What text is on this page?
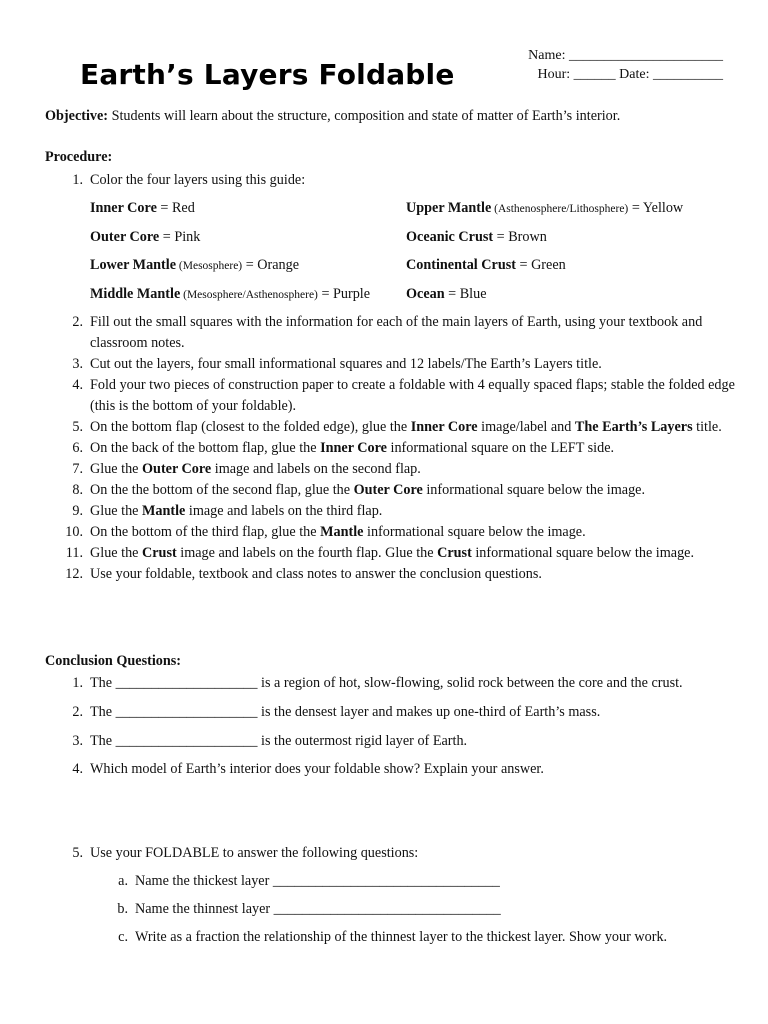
Earth’s Layers Foldable
Name: ______________________
Hour: ______ Date: __________
Objective: Students will learn about the structure, composition and state of matter of Earth’s interior.
Procedure:
1. Color the four layers using this guide:
Inner Core = Red	Upper Mantle (Asthenosphere/Lithosphere) = Yellow
Outer Core = Pink	Oceanic Crust = Brown
Lower Mantle (Mesosphere) = Orange	Continental Crust = Green
Middle Mantle (Mesosphere/Asthenosphere) = Purple	Ocean = Blue
2. Fill out the small squares with the information for each of the main layers of Earth, using your textbook and classroom notes.
3. Cut out the layers, four small informational squares and 12 labels/The Earth’s Layers title.
4. Fold your two pieces of construction paper to create a foldable with 4 equally spaced flaps; stable the folded edge (this is the bottom of your foldable).
5. On the bottom flap (closest to the folded edge), glue the Inner Core image/label and The Earth’s Layers title.
6. On the back of the bottom flap, glue the Inner Core informational square on the LEFT side.
7. Glue the Outer Core image and labels on the second flap.
8. On the the bottom of the second flap, glue the Outer Core informational square below the image.
9. Glue the Mantle image and labels on the third flap.
10. On the bottom of the third flap, glue the Mantle informational square below the image.
11. Glue the Crust image and labels on the fourth flap. Glue the Crust informational square below the image.
12. Use your foldable, textbook and class notes to answer the conclusion questions.
Conclusion Questions:
1. The ____________________ is a region of hot, slow-flowing, solid rock between the core and the crust.
2. The ____________________ is the densest layer and makes up one-third of Earth’s mass.
3. The ____________________ is the outermost rigid layer of Earth.
4. Which model of Earth’s interior does your foldable show? Explain your answer.
5. Use your FOLDABLE to answer the following questions:
a. Name the thickest layer ________________________________
b. Name the thinnest layer ________________________________
c. Write as a fraction the relationship of the thinnest layer to the thickest layer. Show your work.
